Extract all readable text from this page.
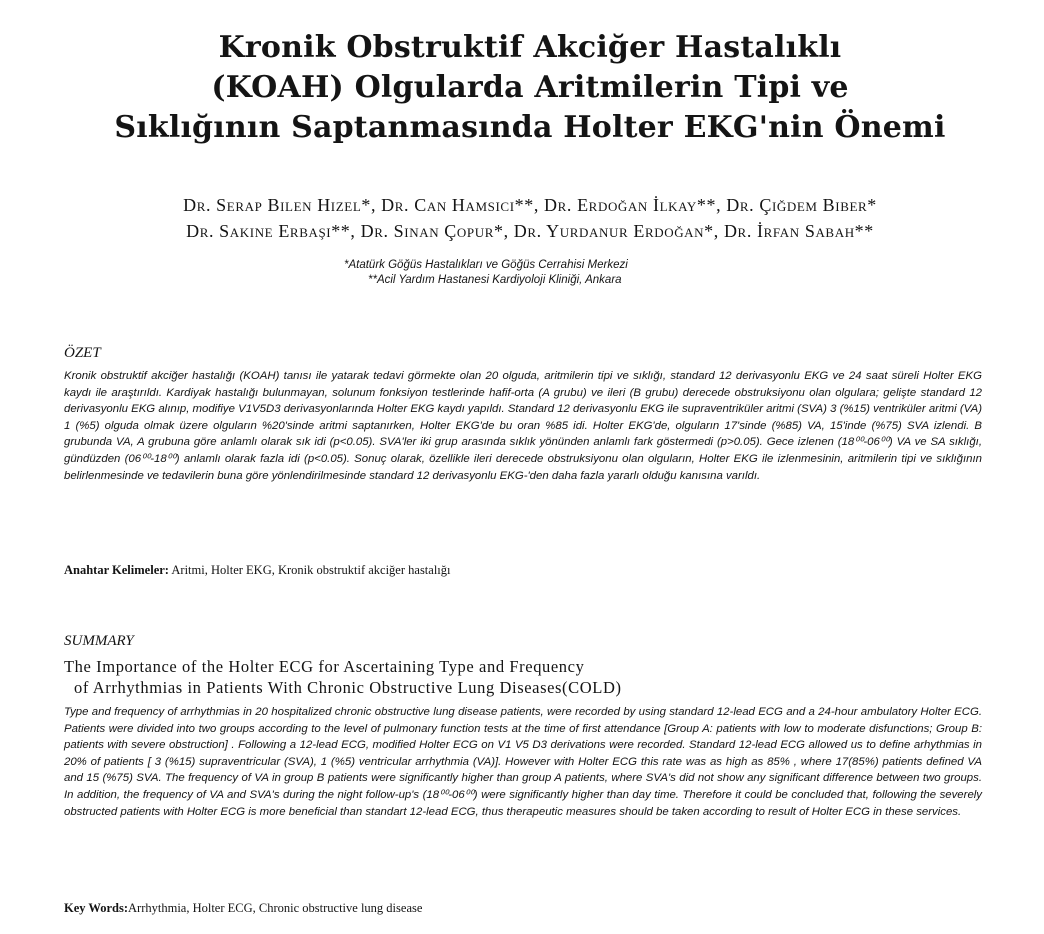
Kronik Obstruktif Akciğer Hastalıklı
(KOAH) Olgularda Aritmilerin Tipi ve
Sıklığının Saptanmasında Holter EKG'nin Önemi
Dr. Serap Bilen Hizel*, Dr. Can Hamsici**, Dr. Erdoğan İlkay**, Dr. Çiğdem Biber*
Dr. Sakine Erbaşı**, Dr. Sinan Çopur*, Dr. Yurdanur Erdoğan*, Dr. İrfan Sabah**
*Atatürk Göğüs Hastalıkları ve Göğüs Cerrahisi Merkezi
**Acil Yardım Hastanesi Kardiyoloji Kliniği, Ankara
ÖZET
Kronik obstruktif akciğer hastalığı (KOAH) tanısı ile yatarak tedavi görmekte olan 20 olguda, aritmilerin tipi ve sıklığı, standard 12 derivasyonlu EKG ve 24 saat süreli Holter EKG kaydı ile araştırıldı. Kardiyak hastalığı bulunmayan, solunum fonksiyon testlerinde hafif-orta (A grubu) ve ileri (B grubu) derecede obstruksiyonu olan olgulara; gelişte standard 12 derivasyonlu EKG alınıp, modifiye V1V5D3 derivasyonlarında Holter EKG kaydı yapıldı. Standard 12 derivasyonlu EKG ile supraventriküler aritmi (SVA) 3 (%15) ventriküler aritmi (VA) 1 (%5) olguda olmak üzere olguların %20'sinde aritmi saptanırken, Holter EKG'de bu oran %85 idi. Holter EKG'de, olguların 17'sinde (%85) VA, 15'inde (%75) SVA izlendi. B grubunda VA, A grubuna göre anlamlı olarak sık idi (p<0.05). SVA'ler iki grup arasında sıklık yönünden anlamlı fark göstermedi (p>0.05). Gece izlenen (18⁰⁰-06⁰⁰) VA ve SA sıklığı, gündüzden (06⁰⁰-18⁰⁰) anlamlı olarak fazla idi (p<0.05). Sonuç olarak, özellikle ileri derecede obstruksiyonu olan olguların, Holter EKG ile izlenmesinin, aritmilerin tipi ve sıklığının belirlenmesinde ve tedavilerin buna göre yönlendirilmesinde standard 12 derivasyonlu EKG-'den daha fazla yararlı olduğu kanısına varıldı.
Anahtar Kelimeler: Aritmi, Holter EKG, Kronik obstruktif akciğer hastalığı
SUMMARY
The Importance of the Holter ECG for Ascertaining Type and Frequency
of Arrhythmias in Patients With Chronic Obstructive Lung Diseases(COLD)
Type and frequency of arrhythmias in 20 hospitalized chronic obstructive lung disease patients, were recorded by using standard 12-lead ECG and a 24-hour ambulatory Holter ECG. Patients were divided into two groups according to the level of pulmonary function tests at the time of first attendance [Group A: patients with low to moderate disfunctions; Group B: patients with severe obstruction] . Following a 12-lead ECG, modified Holter ECG on V1 V5 D3 derivations were recorded. Standard 12-lead ECG allowed us to define arhythmias in 20% of patients [ 3 (%15) supraventricular (SVA), 1 (%5) ventricular arrhythmia (VA)]. However with Holter ECG this rate was as high as 85% , where 17(85%) patients defined VA and 15 (%75) SVA. The frequency of VA in group B patients were significantly higher than group A patients, where SVA's did not show any significant difference between two groups. In addition, the frequency of VA and SVA's during the night follow-up's (18⁰⁰-06⁰⁰) were significantly higher than day time. Therefore it could be concluded that, following the severely obstructed patients with Holter ECG is more beneficial than standart 12-lead ECG, thus therapeutic measures should be taken according to result of Holter ECG in these services.
Key Words:Arrhythmia, Holter ECG, Chronic obstructive lung disease
